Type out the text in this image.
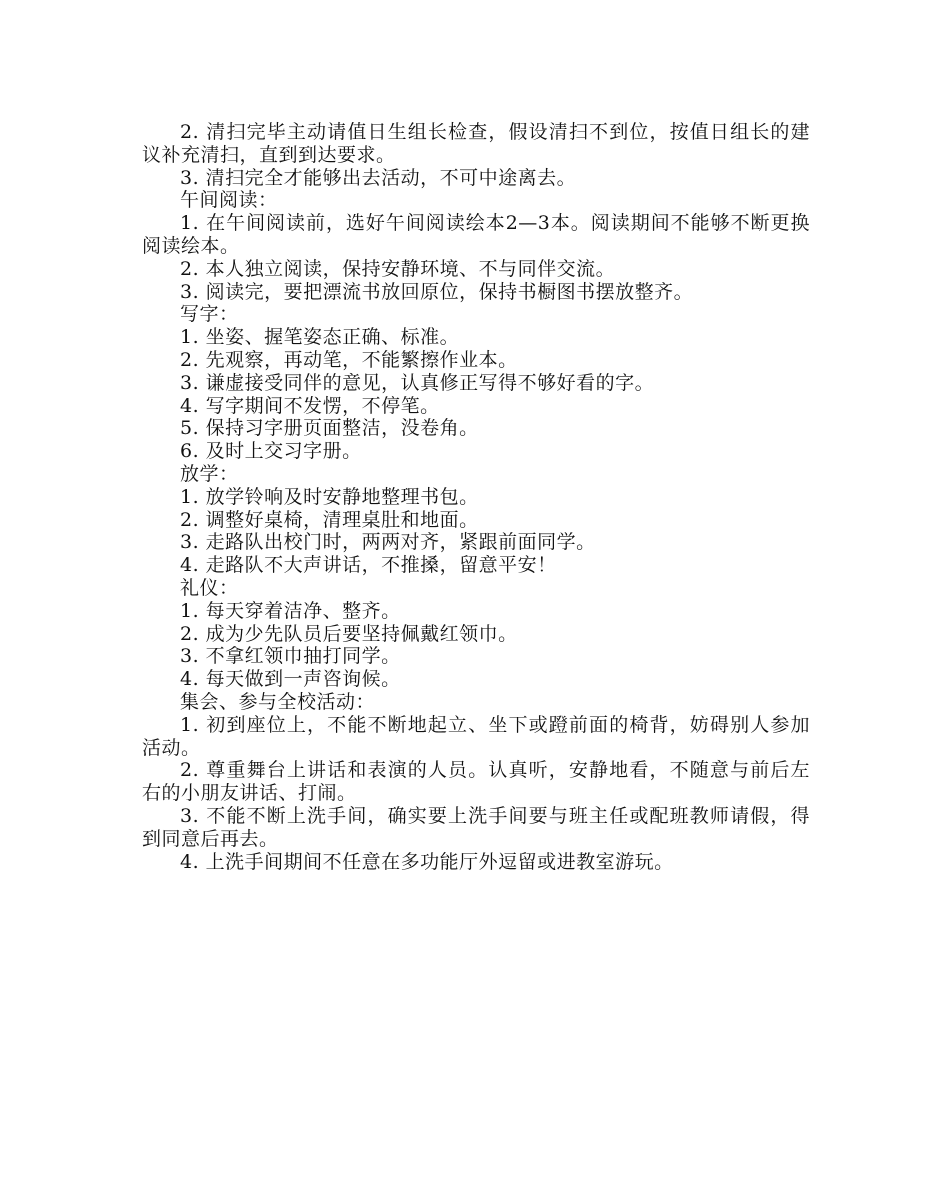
2. 清扫完毕主动请值日生组长检查，假设清扫不到位，按值日组长的建议补充清扫，直到到达要求。

3. 清扫完全才能够出去活动，不可中途离去。

午间阅读：

1. 在午间阅读前，选好午间阅读绘本2—3本。阅读期间不能够不断更换阅读绘本。

2. 本人独立阅读，保持安静环境、不与同伴交流。

3. 阅读完，要把漂流书放回原位，保持书橱图书摆放整齐。

写字：

1. 坐姿、握笔姿态正确、标准。

2. 先观察，再动笔，不能繁擦作业本。

3. 谦虚接受同伴的意见，认真修正写得不够好看的字。

4. 写字期间不发愣，不停笔。

5. 保持习字册页面整洁，没卷角。

6. 及时上交习字册。

放学：

1. 放学铃响及时安静地整理书包。

2. 调整好桌椅，清理桌肚和地面。

3. 走路队出校门时，两两对齐，紧跟前面同学。

4. 走路队不大声讲话，不推搡，留意平安！

礼仪：

1. 每天穿着洁净、整齐。

2. 成为少先队员后要坚持佩戴红领巾。

3. 不拿红领巾抽打同学。

4. 每天做到一声咨询候。

集会、参与全校活动：

1. 初到座位上，不能不断地起立、坐下或蹬前面的椅背，妨碍别人参加活动。

2. 尊重舞台上讲话和表演的人员。认真听，安静地看，不随意与前后左右的小朋友讲话、打闹。

3. 不能不断上洗手间，确实要上洗手间要与班主任或配班教师请假，得到同意后再去。

4. 上洗手间期间不任意在多功能厅外逗留或进教室游玩。
